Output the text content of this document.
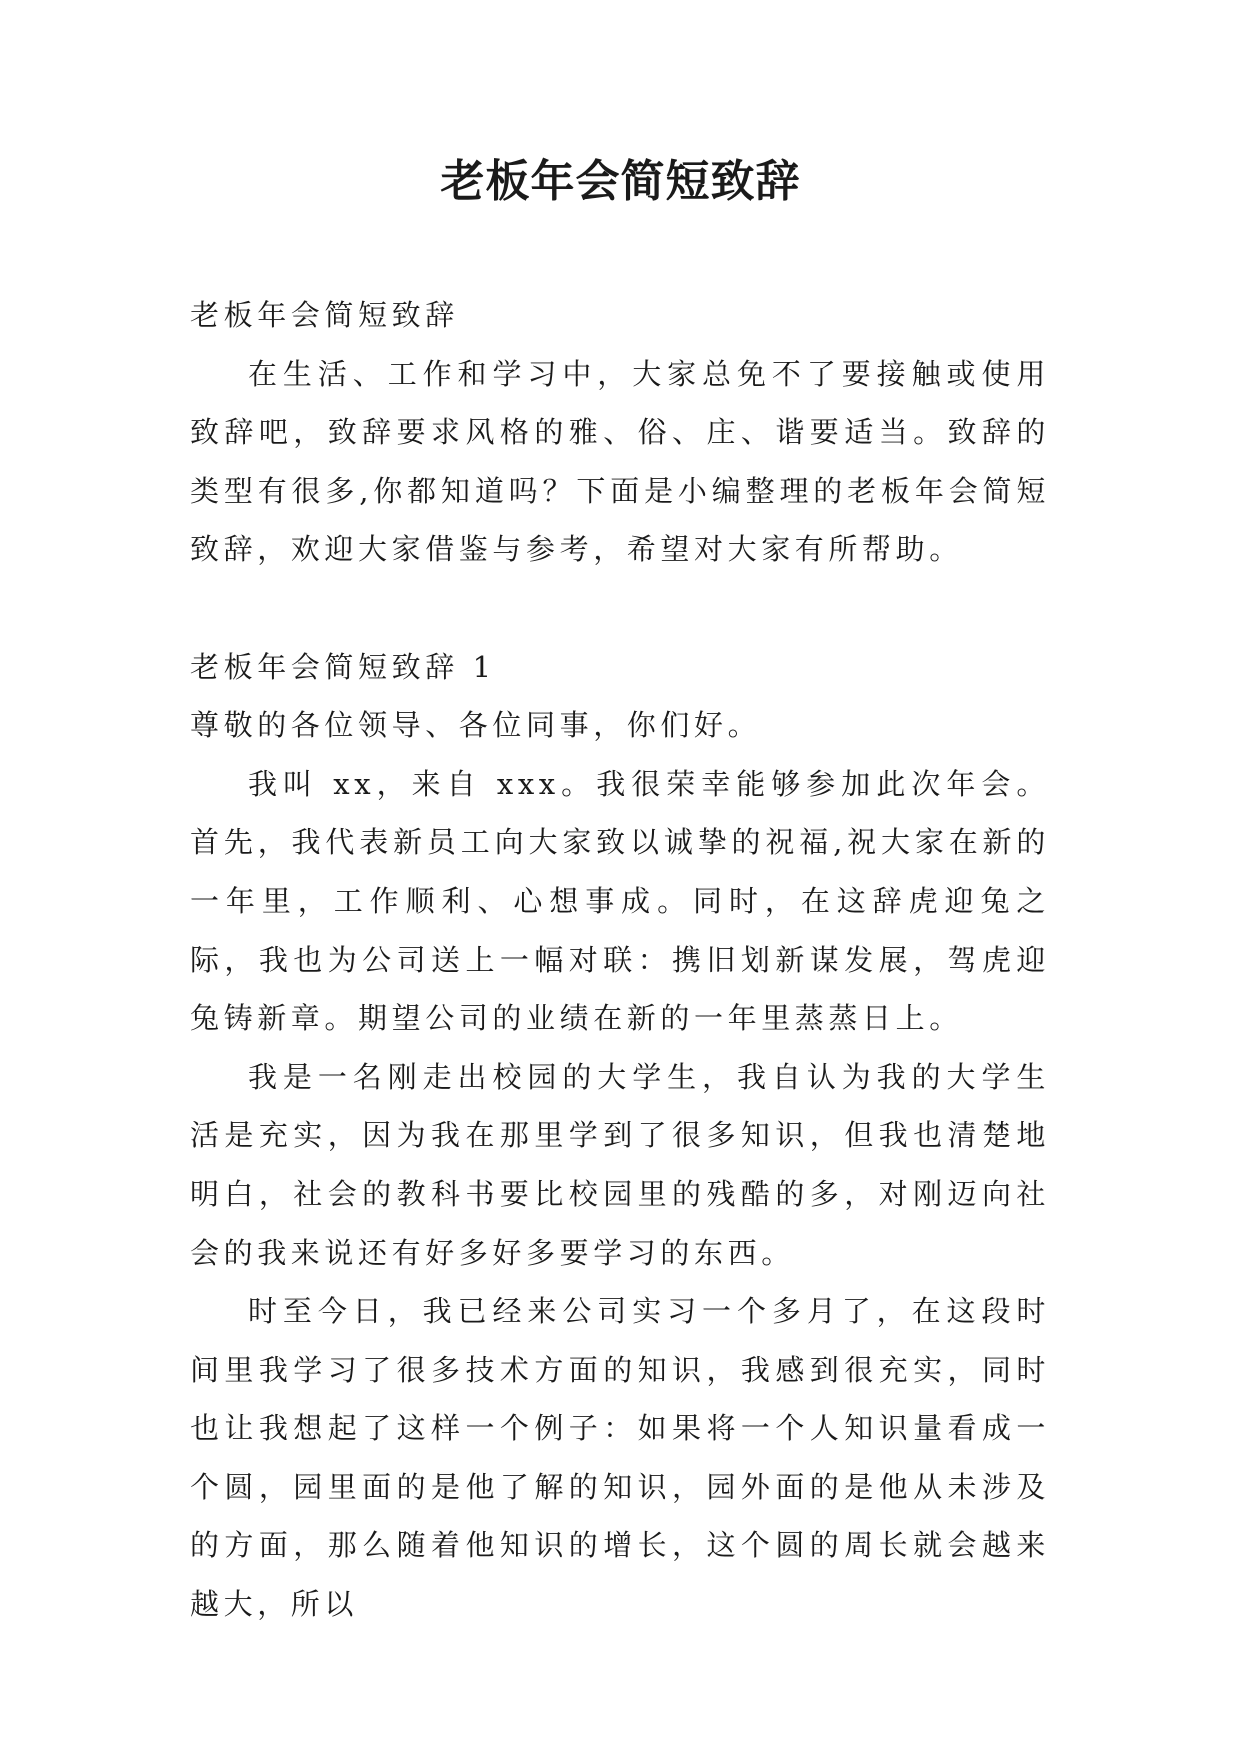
老板年会简短致辞

老板年会简短致辞

在生活、工作和学习中，大家总免不了要接触或使用致辞吧，致辞要求风格的雅、俗、庄、谐要适当。致辞的类型有很多,你都知道吗？下面是小编整理的老板年会简短致辞，欢迎大家借鉴与参考，希望对大家有所帮助。

老板年会简短致辞 1

尊敬的各位领导、各位同事，你们好。

我叫 xx，来自 xxx。我很荣幸能够参加此次年会。首先，我代表新员工向大家致以诚挚的祝福,祝大家在新的一年里，工作顺利、心想事成。同时，在这辞虎迎兔之际，我也为公司送上一幅对联：携旧划新谋发展，驾虎迎兔铸新章。期望公司的业绩在新的一年里蒸蒸日上。

我是一名刚走出校园的大学生，我自认为我的大学生活是充实，因为我在那里学到了很多知识，但我也清楚地明白，社会的教科书要比校园里的残酷的多，对刚迈向社会的我来说还有好多好多要学习的东西。

时至今日，我已经来公司实习一个多月了，在这段时间里我学习了很多技术方面的知识，我感到很充实，同时也让我想起了这样一个例子：如果将一个人知识量看成一个圆，园里面的是他了解的知识，园外面的是他从未涉及的方面，那么随着他知识的增长，这个圆的周长就会越来越大，所以
